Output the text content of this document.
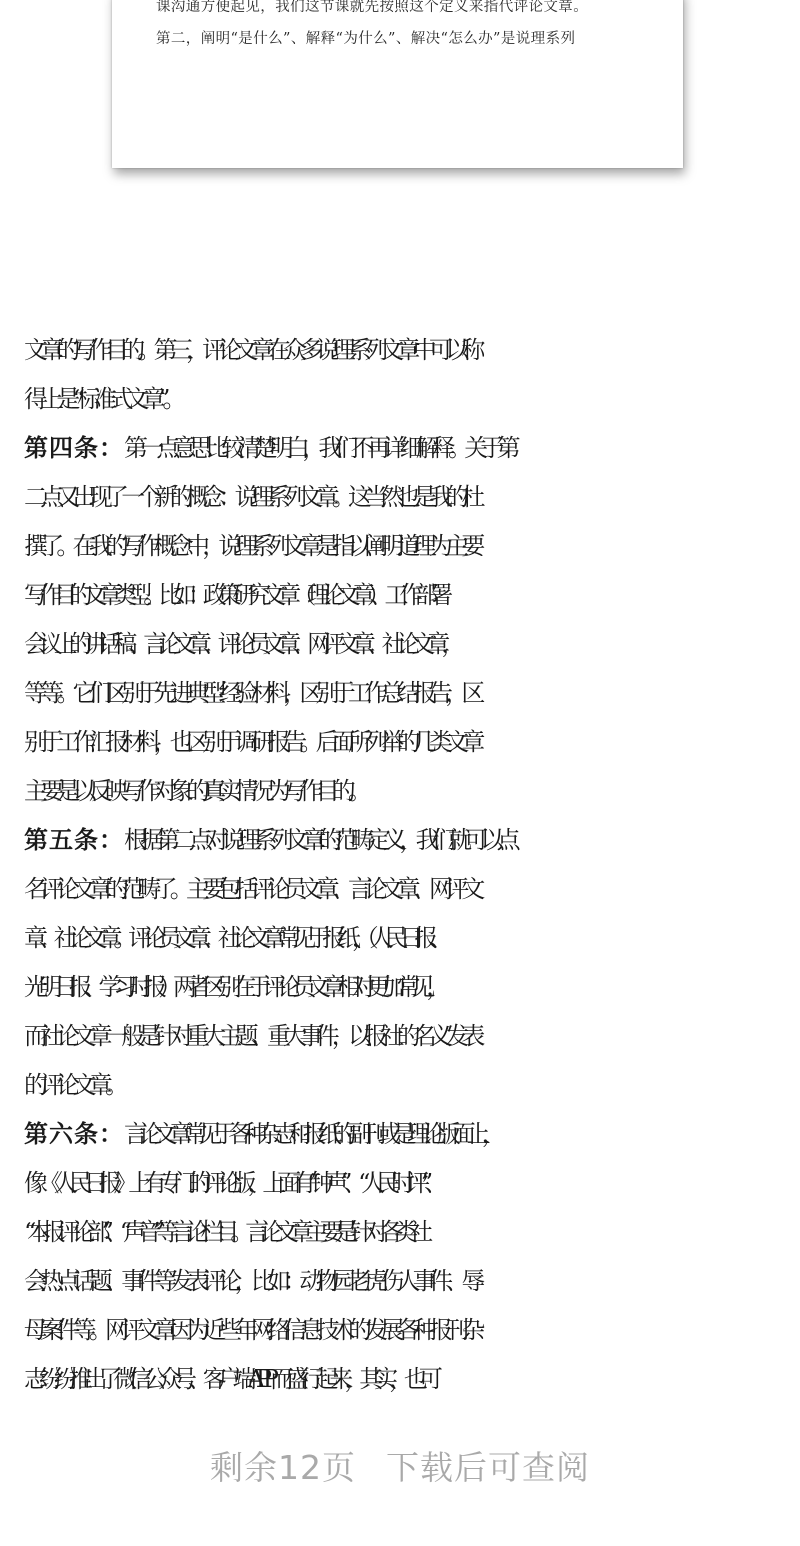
课沟通方便起见，我们这节课就先按照这个定义来指代评论文章。
第二，阐明“是什么”、解释“为什么”、解决“怎么办”是说理系列

文章的写作目的。第三，评论文章在众多说理系列文章中可以称
得上是“标准式文章”。
第四条：第一点意思比较清楚明白，我们不再详细解释。关于第
二点又出现了一个新的概念：说理系列文章。这当然也是我的杜
撰了。在我的写作概念中，说理系列文章是指以阐明道理为主要
写作目的文章类型。比如：政策研究文章（理论文章）、工作部署
会议上的讲话稿、言论文章、评论员文章、网评文章、社论文章，
等等。它们区别于先进典型经验材料，区别于工作总结报告，区
别于工作汇报材料，也区别于调研报告。后面所列举的几类文章
主要是以反映写作对象的真实情况为写作目的。
第五条：根据第二点对说理系列文章的范畴定义，我们就可以点
名评论文章的范畴了。主要包括评论员文章、言论文章、网评文
章、社论文章。评论员文章、社论文章常见于报纸，（人民日报、
光明日报、学习时报）两者区别在于评论员文章相对更加常见，
而社论文章一般是针对重大主题、重大事件，以报社的名义发表
的评论文章。
第六条：言论文章常见于各种杂志和报纸的副刊或是理论版面上，
像《人民日报》上有专门的评论版，上面有“钟声”、“人民时评”、
“本报评论部”、“声音”等言论栏目。言论文章主要是针对各类社
会热点话题、事件等发表评论，比如：动物园老虎伤人事件、辱
母案件等。网评文章因为近些年网络信息技术的发展各种报刊杂
志纷纷推出了微信公众号、客户端APP而盛行起来，其实，也可
剩余12页 下载后可查阅
